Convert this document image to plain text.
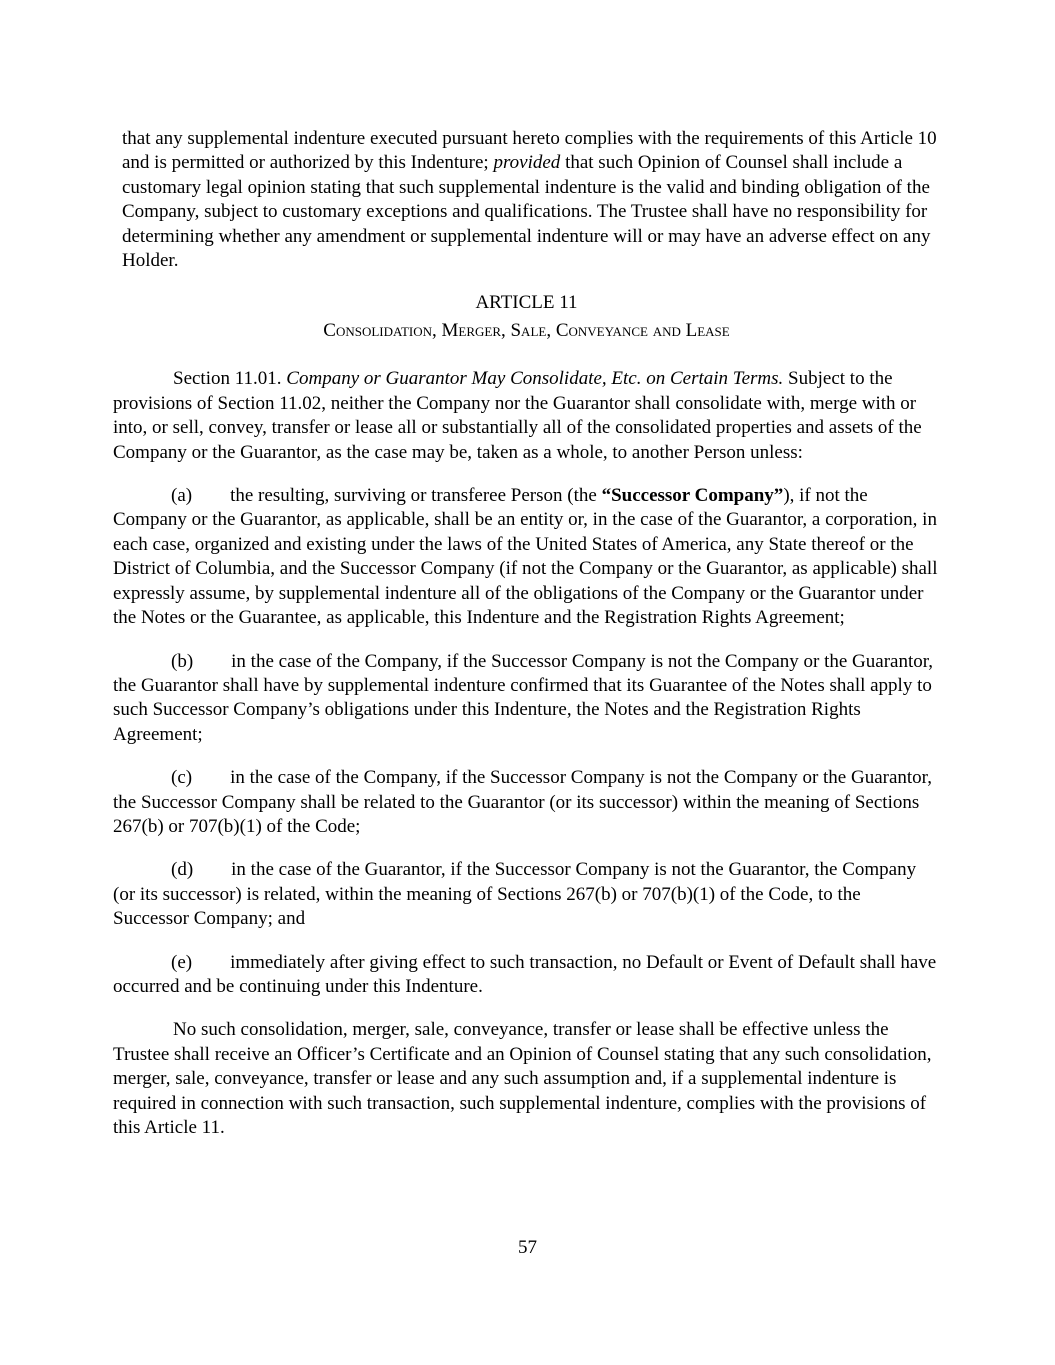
that any supplemental indenture executed pursuant hereto complies with the requirements of this Article 10 and is permitted or authorized by this Indenture; provided that such Opinion of Counsel shall include a customary legal opinion stating that such supplemental indenture is the valid and binding obligation of the Company, subject to customary exceptions and qualifications. The Trustee shall have no responsibility for determining whether any amendment or supplemental indenture will or may have an adverse effect on any Holder.

ARTICLE 11
Consolidation, Merger, Sale, Conveyance and Lease

Section 11.01. Company or Guarantor May Consolidate, Etc. on Certain Terms. Subject to the provisions of Section 11.02, neither the Company nor the Guarantor shall consolidate with, merge with or into, or sell, convey, transfer or lease all or substantially all of the consolidated properties and assets of the Company or the Guarantor, as the case may be, taken as a whole, to another Person unless:

(a) the resulting, surviving or transferee Person (the “Successor Company”), if not the Company or the Guarantor, as applicable, shall be an entity or, in the case of the Guarantor, a corporation, in each case, organized and existing under the laws of the United States of America, any State thereof or the District of Columbia, and the Successor Company (if not the Company or the Guarantor, as applicable) shall expressly assume, by supplemental indenture all of the obligations of the Company or the Guarantor under the Notes or the Guarantee, as applicable, this Indenture and the Registration Rights Agreement;

(b) in the case of the Company, if the Successor Company is not the Company or the Guarantor, the Guarantor shall have by supplemental indenture confirmed that its Guarantee of the Notes shall apply to such Successor Company’s obligations under this Indenture, the Notes and the Registration Rights Agreement;

(c) in the case of the Company, if the Successor Company is not the Company or the Guarantor, the Successor Company shall be related to the Guarantor (or its successor) within the meaning of Sections 267(b) or 707(b)(1) of the Code;

(d) in the case of the Guarantor, if the Successor Company is not the Guarantor, the Company (or its successor) is related, within the meaning of Sections 267(b) or 707(b)(1) of the Code, to the Successor Company; and

(e) immediately after giving effect to such transaction, no Default or Event of Default shall have occurred and be continuing under this Indenture.

No such consolidation, merger, sale, conveyance, transfer or lease shall be effective unless the Trustee shall receive an Officer’s Certificate and an Opinion of Counsel stating that any such consolidation, merger, sale, conveyance, transfer or lease and any such assumption and, if a supplemental indenture is required in connection with such transaction, such supplemental indenture, complies with the provisions of this Article 11.

57
